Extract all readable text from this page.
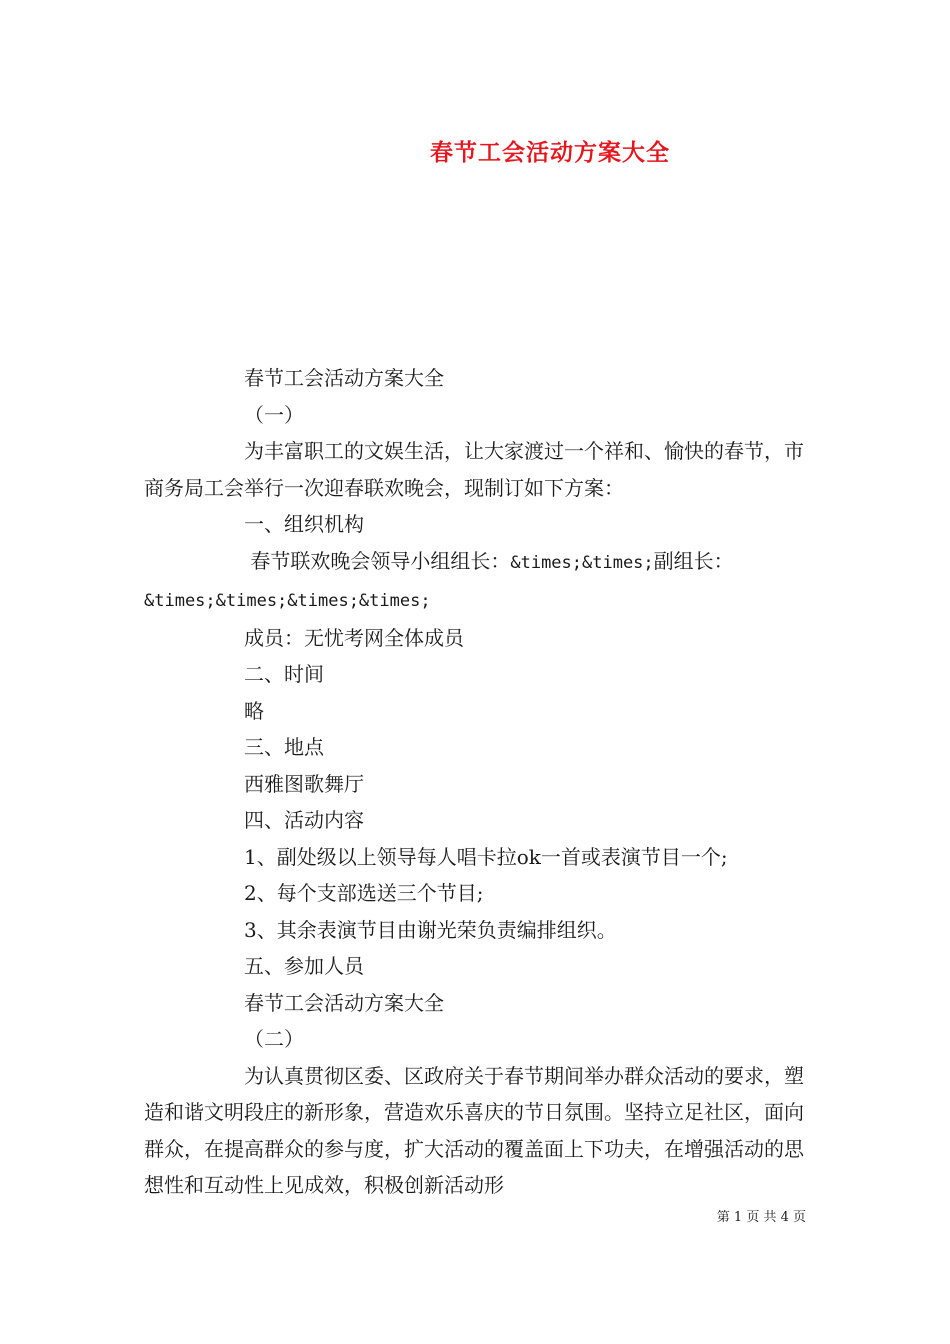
春节工会活动方案大全

春节工会活动方案大全

（一）

为丰富职工的文娱生活，让大家渡过一个祥和、愉快的春节，市商务局工会举行一次迎春联欢晚会，现制订如下方案：

一、组织机构

春节联欢晚会领导小组组长：&times;&times;副组长：&times;&times;&times;&times;

成员：无忧考网全体成员

二、时间

略

三、地点

西雅图歌舞厅

四、活动内容

1、副处级以上领导每人唱卡拉ok一首或表演节目一个;

2、每个支部选送三个节目;

3、其余表演节目由谢光荣负责编排组织。

五、参加人员

春节工会活动方案大全

（二）

为认真贯彻区委、区政府关于春节期间举办群众活动的要求，塑造和谐文明段庄的新形象，营造欢乐喜庆的节日氛围。坚持立足社区，面向群众，在提高群众的参与度，扩大活动的覆盖面上下功夫，在增强活动的思想性和互动性上见成效，积极创新活动形

第 1 页 共 4 页
